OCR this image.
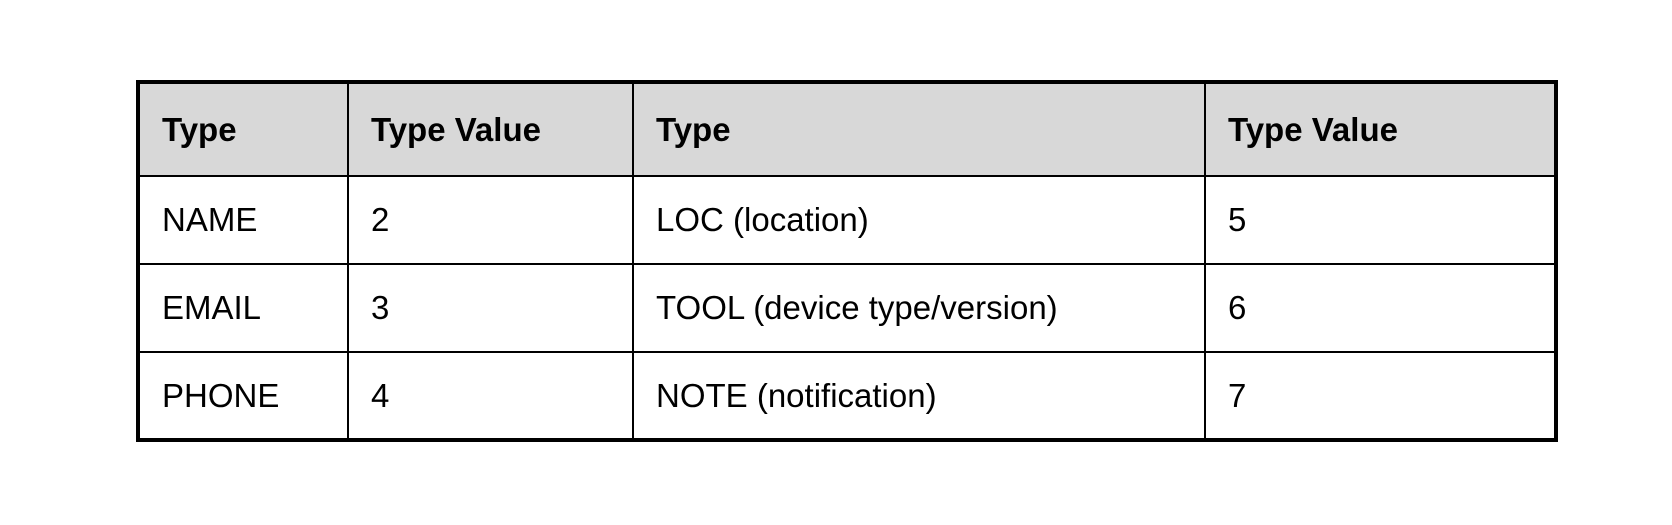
Type	Type Value	Type	Type Value
NAME	2	LOC (location)	5
EMAIL	3	TOOL (device type/version)	6
PHONE	4	NOTE (notification)	7
